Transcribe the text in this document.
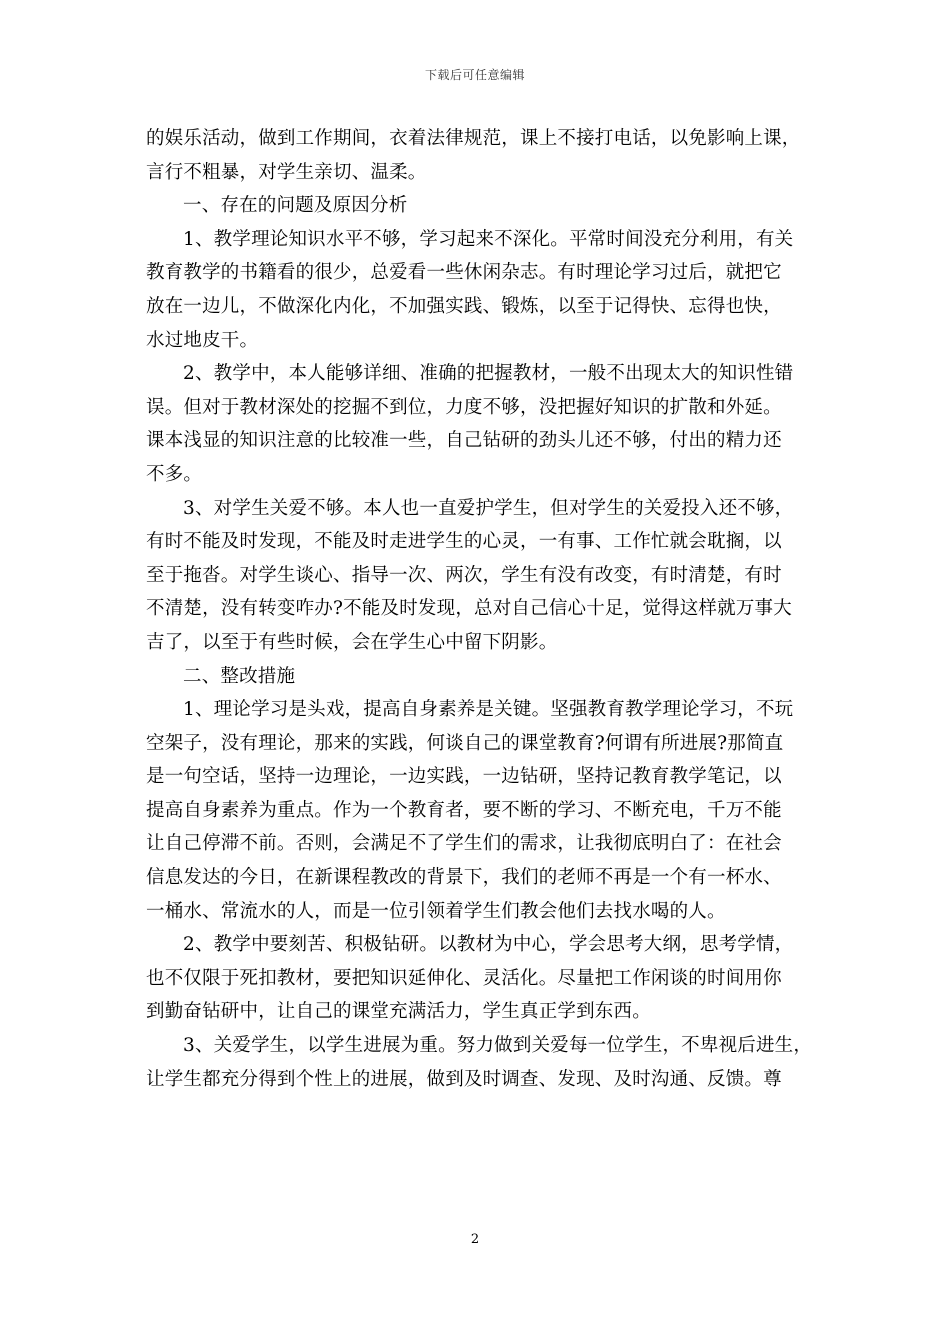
下载后可任意编辑
的娱乐活动，做到工作期间，衣着法律规范，课上不接打电话，以免影响上课，
言行不粗暴，对学生亲切、温柔。
一、存在的问题及原因分析
1、教学理论知识水平不够，学习起来不深化。平常时间没充分利用，有关
教育教学的书籍看的很少，总爱看一些休闲杂志。有时理论学习过后，就把它
放在一边儿，不做深化内化，不加强实践、锻炼，以至于记得快、忘得也快，
水过地皮干。
2、教学中，本人能够详细、准确的把握教材，一般不出现太大的知识性错
误。但对于教材深处的挖掘不到位，力度不够，没把握好知识的扩散和外延。
课本浅显的知识注意的比较准一些，自己钻研的劲头儿还不够，付出的精力还
不多。
3、对学生关爱不够。本人也一直爱护学生，但对学生的关爱投入还不够，
有时不能及时发现，不能及时走进学生的心灵，一有事、工作忙就会耽搁，以
至于拖沓。对学生谈心、指导一次、两次，学生有没有改变，有时清楚，有时
不清楚，没有转变咋办?不能及时发现，总对自己信心十足，觉得这样就万事大
吉了，以至于有些时候，会在学生心中留下阴影。
二、整改措施
1、理论学习是头戏，提高自身素养是关键。坚强教育教学理论学习，不玩
空架子，没有理论，那来的实践，何谈自己的课堂教育?何谓有所进展?那简直
是一句空话，坚持一边理论，一边实践，一边钻研，坚持记教育教学笔记，以
提高自身素养为重点。作为一个教育者，要不断的学习、不断充电，千万不能
让自己停滞不前。否则，会满足不了学生们的需求，让我彻底明白了：在社会
信息发达的今日，在新课程教改的背景下，我们的老师不再是一个有一杯水、
一桶水、常流水的人，而是一位引领着学生们教会他们去找水喝的人。
2、教学中要刻苦、积极钻研。以教材为中心，学会思考大纲，思考学情，
也不仅限于死扣教材，要把知识延伸化、灵活化。尽量把工作闲谈的时间用你
到勤奋钻研中，让自己的课堂充满活力，学生真正学到东西。
3、关爱学生，以学生进展为重。努力做到关爱每一位学生，不卑视后进生，
让学生都充分得到个性上的进展，做到及时调查、发现、及时沟通、反馈。尊
2
